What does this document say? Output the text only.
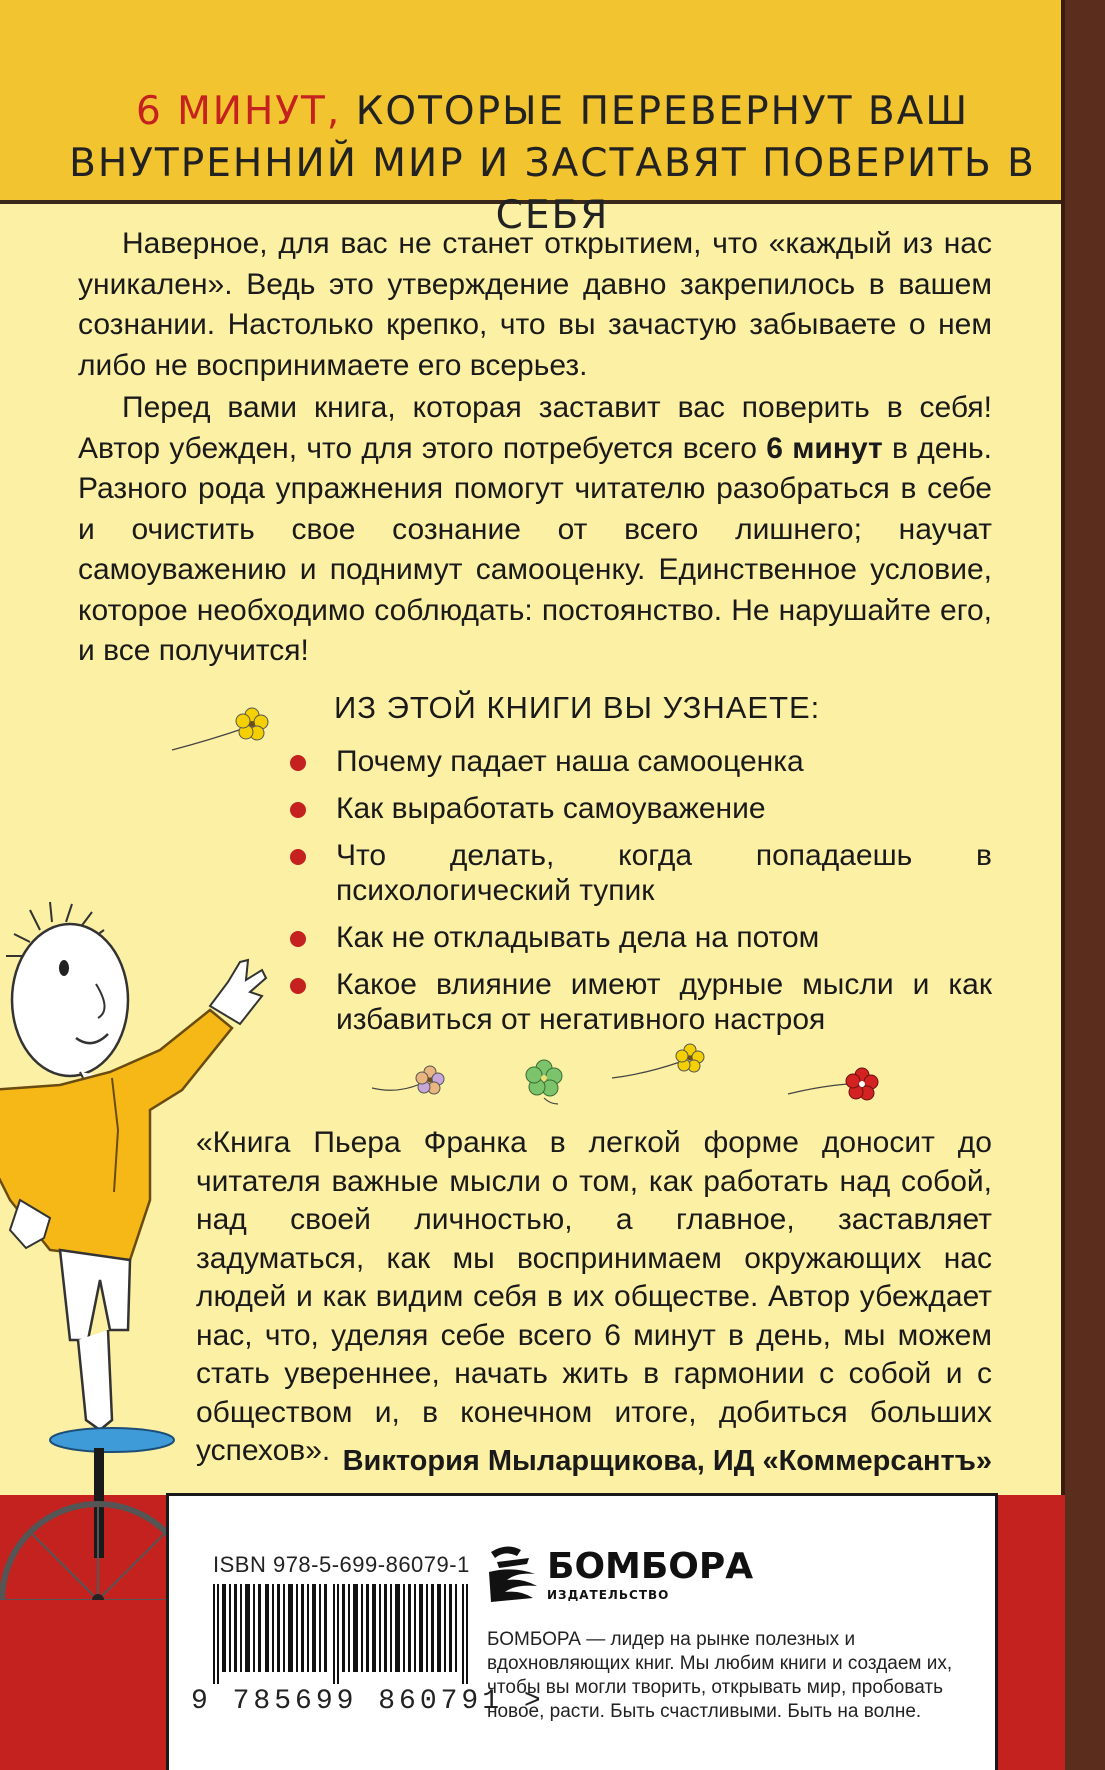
6 МИНУТ, КОТОРЫЕ ПЕРЕВЕРНУТ ВАШ ВНУТРЕННИЙ МИР И ЗАСТАВЯТ ПОВЕРИТЬ В СЕБЯ

Наверное, для вас не станет открытием, что «каждый из нас уникален». Ведь это утверждение давно закрепилось в вашем сознании. Настолько крепко, что вы зачастую забываете о нем либо не воспринимаете его всерьез.

Перед вами книга, которая заставит вас поверить в себя! Автор убежден, что для этого потребуется всего 6 минут в день. Разного рода упражнения помогут читателю разобраться в себе и очистить свое сознание от всего лишнего; научат самоуважению и поднимут самооценку. Единственное условие, которое необходимо соблюдать: постоянство. Не нарушайте его, и все получится!

ИЗ ЭТОЙ КНИГИ ВЫ УЗНАЕТЕ:
Почему падает наша самооценка
Как выработать самоуважение
Что делать, когда попадаешь в психологический тупик
Как не откладывать дела на потом
Какое влияние имеют дурные мысли и как избавиться от негативного настроя
«Книга Пьера Франка в легкой форме доносит до читателя важные мысли о том, как работать над собой, над своей личностью, а главное, заставляет задуматься, как мы воспринимаем окружающих нас людей и как видим себя в их обществе. Автор убеждает нас, что, уделяя себе всего 6 минут в день, мы можем стать увереннее, начать жить в гармонии с собой и с обществом и, в конечном итоге, добиться больших успехов». Виктория Мыларщикова, ИД «Коммерсантъ»
ISBN 978-5-699-86079-1
9 785699 860791 >
БОМБОРА
ИЗДАТЕЛЬСТВО
БОМБОРА — лидер на рынке полезных и вдохновляющих книг. Мы любим книги и создаем их, чтобы вы могли творить, открывать мир, пробовать новое, расти. Быть счастливыми. Быть на волне.
